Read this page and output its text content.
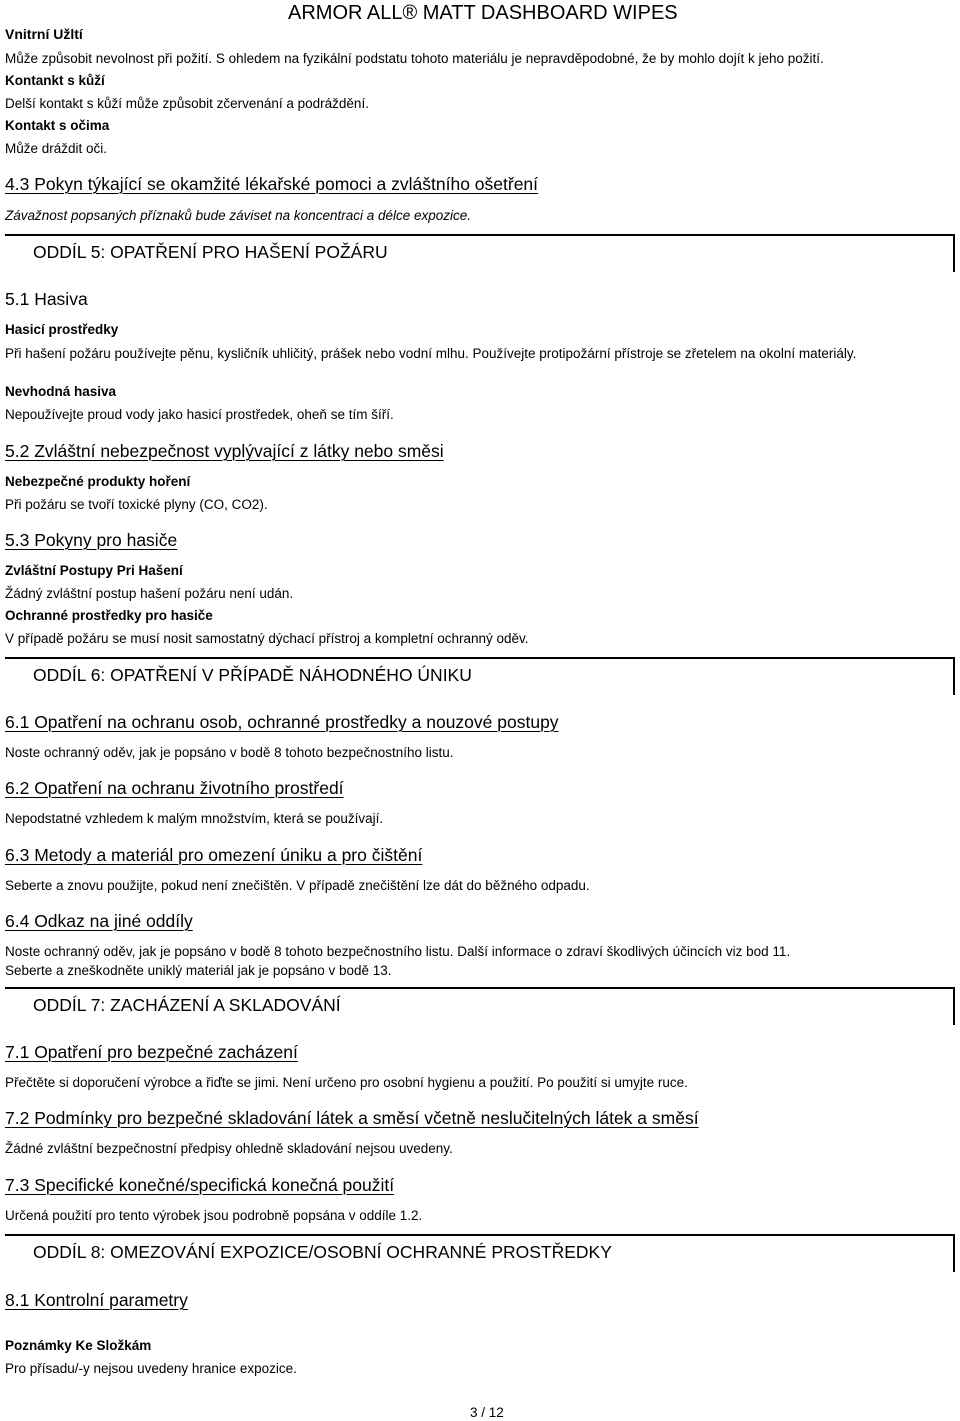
Vnitrní Užltí
ARMOR ALL® MATT DASHBOARD WIPES
Může způsobit nevolnost při požití. S ohledem na fyzikální podstatu tohoto materiálu je nepravděpodobné, že by mohlo dojít k jeho požití.
Kontankt s kůží
Delší kontakt s kůží může způsobit zčervenání a podráždění.
Kontakt s očima
Může dráždit oči.
4.3 Pokyn týkající se okamžité lékařské pomoci a zvláštního ošetření
Závažnost popsaných příznaků bude záviset na koncentraci a délce expozice.
ODDÍL 5: OPATŘENÍ PRO HAŠENÍ POŽÁRU
5.1 Hasiva
Hasicí prostředky
Při hašení požáru používejte pěnu, kysličník uhličitý, prášek nebo vodní mlhu. Používejte protipožární přístroje se zřetelem na okolní materiály.
Nevhodná hasiva
Nepoužívejte proud vody jako hasicí prostředek, oheň se tím šíří.
5.2 Zvláštní nebezpečnost vyplývající z látky nebo směsi
Nebezpečné produkty hoření
Při požáru se tvoří toxické plyny (CO, CO2).
5.3 Pokyny pro hasiče
Zvláštní Postupy Pri Hašení
Žádný zvláštní postup hašení požáru není udán.
Ochranné prostředky pro hasiče
V případě požáru se musí nosit samostatný dýchací přístroj a kompletní ochranný oděv.
ODDÍL 6: OPATŘENÍ V PŘÍPADĚ NÁHODNÉHO ÚNIKU
6.1 Opatření na ochranu osob, ochranné prostředky a nouzové postupy
Noste ochranný oděv, jak je popsáno v bodě 8 tohoto bezpečnostního listu.
6.2 Opatření na ochranu životního prostředí
Nepodstatné vzhledem k malým množstvím, která se používají.
6.3 Metody a materiál pro omezení úniku a pro čištění
Seberte a znovu použijte, pokud není znečištěn. V případě znečištění lze dát do běžného odpadu.
6.4 Odkaz na jiné oddíly
Noste ochranný oděv, jak je popsáno v bodě 8 tohoto bezpečnostního listu. Další informace o zdraví škodlivých účincích viz bod 11.
Seberte a zneškodněte uniklý materiál jak je popsáno v bodě 13.
ODDÍL 7: ZACHÁZENÍ A SKLADOVÁNÍ
7.1 Opatření pro bezpečné zacházení
Přečtěte si doporučení výrobce a řiďte se jimi. Není určeno pro osobní hygienu a použití. Po použití si umyjte ruce.
7.2 Podmínky pro bezpečné skladování látek a směsí včetně neslučitelných látek a směsí
Žádné zvláštní bezpečnostní předpisy ohledně skladování nejsou uvedeny.
7.3 Specifické konečné/specifická konečná použití
Určená použití pro tento výrobek jsou podrobně popsána v oddíle 1.2.
ODDÍL 8: OMEZOVÁNÍ EXPOZICE/OSOBNÍ OCHRANNÉ PROSTŘEDKY
8.1 Kontrolní parametry
Poznámky Ke Složkám
Pro přísadu/-y nejsou uvedeny hranice expozice.
3 / 12
